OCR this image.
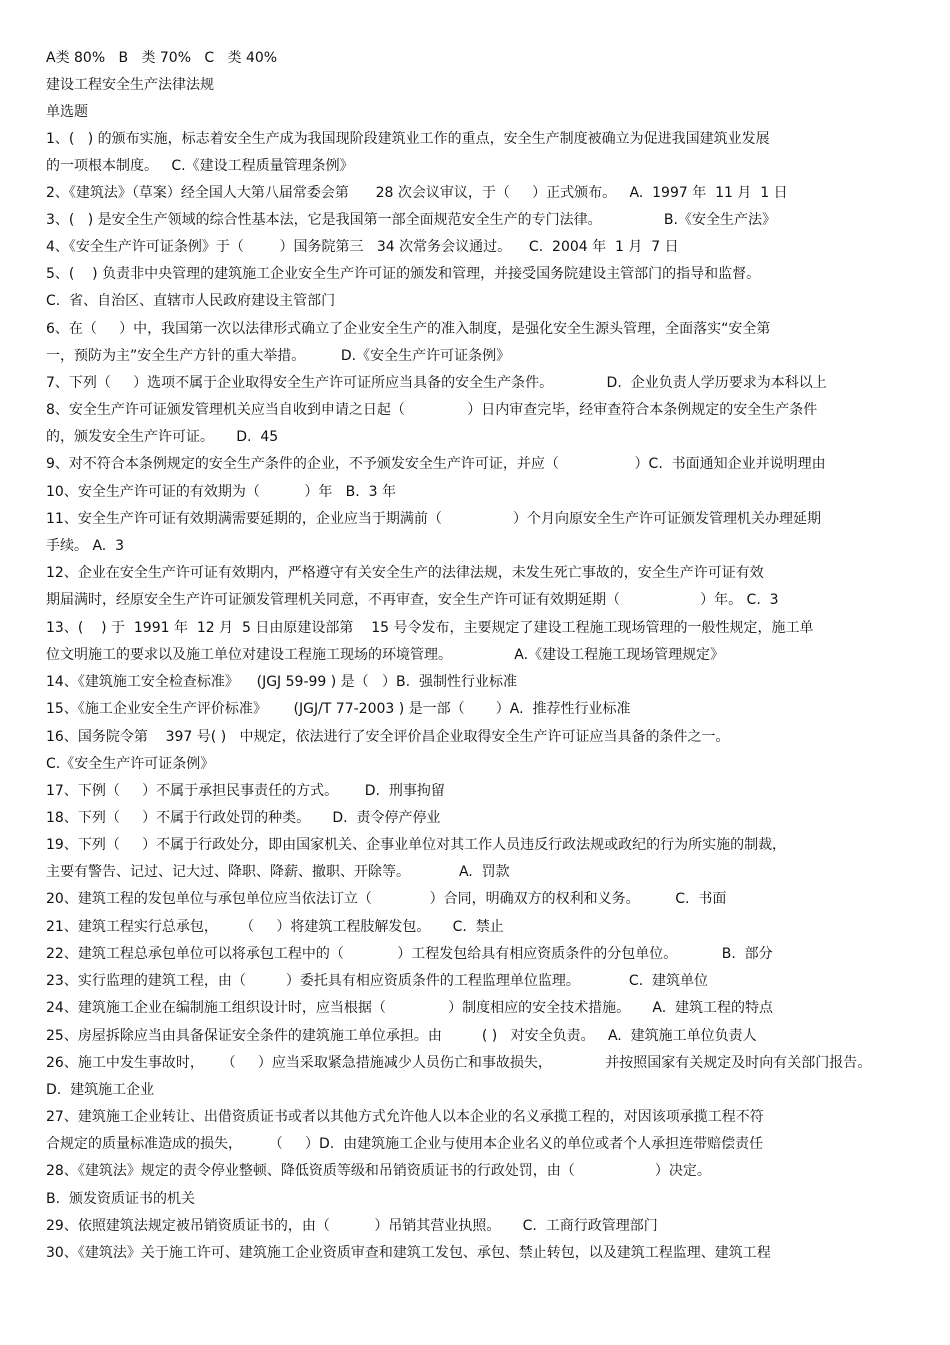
A类 80%   B   类 70%   C   类 40%
建设工程安全生产法律法规
单选题
1、(   ) 的颁布实施，标志着安全生产成为我国现阶段建筑业工作的重点，安全生产制度被确立为促进我国建筑业发展
的一项根本制度。   C.《建设工程质量管理条例》
2、《建筑法》（草案）经全国人大第八届常委会第      28 次会议审议，于（     ）正式颁布。   A.  1997 年  11 月  1 日
3、(   ) 是安全生产领域的综合性基本法，它是我国第一部全面规范安全生产的专门法律。              B.《安全生产法》
4、《安全生产许可证条例》于（        ）国务院第三   34 次常务会议通过。    C.  2004 年  1 月  7 日
5、(    ) 负责非中央管理的建筑施工企业安全生产许可证的颁发和管理，并接受国务院建设主管部门的指导和监督。
C.  省、自治区、直辖市人民政府建设主管部门
6、在（     ）中，我国第一次以法律形式确立了企业安全生产的准入制度，是强化安全生源头管理，全面落实“安全第
一，预防为主”安全生产方针的重大举措。        D.《安全生产许可证条例》
7、下列（     ）选项不属于企业取得安全生产许可证所应当具备的安全生产条件。            D.  企业负责人学历要求为本科以上
8、安全生产许可证颁发管理机关应当自收到申请之日起（              ）日内审查完毕，经审查符合本条例规定的安全生产条件
的，颁发安全生产许可证。     D.  45
9、对不符合本条例规定的安全生产条件的企业，不予颁发安全生产许可证，并应（                 ）C.  书面通知企业并说明理由
10、安全生产许可证的有效期为（          ）年   B.  3 年
11、安全生产许可证有效期满需要延期的，企业应当于期满前（                ）个月向原安全生产许可证颁发管理机关办理延期
手续。 A.  3
12、企业在安全生产许可证有效期内，严格遵守有关安全生产的法律法规，未发生死亡事故的，安全生产许可证有效
期届满时，经原安全生产许可证颁发管理机关同意，不再审查，安全生产许可证有效期延期（                  ）年。 C.  3
13、(    ) 于  1991 年  12 月  5 日由原建设部第    15 号令发布，主要规定了建设工程施工现场管理的一般性规定，施工单
位文明施工的要求以及施工单位对建设工程施工现场的环境管理。              A.《建设工程施工现场管理规定》
14、《建筑施工安全检查标准》    (JGJ 59-99 ) 是（   ）B.  强制性行业标准
15、《施工企业安全生产评价标准》      (JGJ/T 77-2003 ) 是一部（       ）A.  推荐性行业标准
16、国务院令第    397 号( )   中规定，依法进行了安全评价昌企业取得安全生产许可证应当具备的条件之一。
C.《安全生产许可证条例》
17、下例（     ）不属于承担民事责任的方式。      D.  刑事拘留
18、下列（     ）不属于行政处罚的种类。     D.  责令停产停业
19、下列（     ）不属于行政处分，即由国家机关、企事业单位对其工作人员违反行政法规或政纪的行为所实施的制裁，
主要有警告、记过、记大过、降职、降薪、撤职、开除等。           A.  罚款
20、建筑工程的发包单位与承包单位应当依法订立（             ）合同，明确双方的权利和义务。        C.  书面
21、建筑工程实行总承包，     （     ）将建筑工程肢解发包。     C.  禁止
22、建筑工程总承包单位可以将承包工程中的（            ）工程发包给具有相应资质条件的分包单位。          B.  部分
23、实行监理的建筑工程，由（         ）委托具有相应资质条件的工程监理单位监理。           C.  建筑单位
24、建筑施工企业在编制施工组织设计时，应当根据（              ）制度相应的安全技术措施。     A.  建筑工程的特点
25、房屋拆除应当由具备保证安全条件的建筑施工单位承担。由         ( )   对安全负责。   A.  建筑施工单位负责人
26、施工中发生事故时，    （     ）应当采取紧急措施减少人员伤亡和事故损失，            并按照国家有关规定及时向有关部门报告。
D.  建筑施工企业
27、建筑施工企业转让、出借资质证书或者以其他方式允许他人以本企业的名义承揽工程的，对因该项承揽工程不符
合规定的质量标准造成的损失，      （     ）D.  由建筑施工企业与使用本企业名义的单位或者个人承担连带赔偿责任
28、《建筑法》规定的责令停业整顿、降低资质等级和吊销资质证书的行政处罚，由（                  ）决定。
B.  颁发资质证书的机关
29、依照建筑法规定被吊销资质证书的，由（          ）吊销其营业执照。     C.  工商行政管理部门
30、《建筑法》关于施工许可、建筑施工企业资质审查和建筑工发包、承包、禁止转包，以及建筑工程监理、建筑工程
